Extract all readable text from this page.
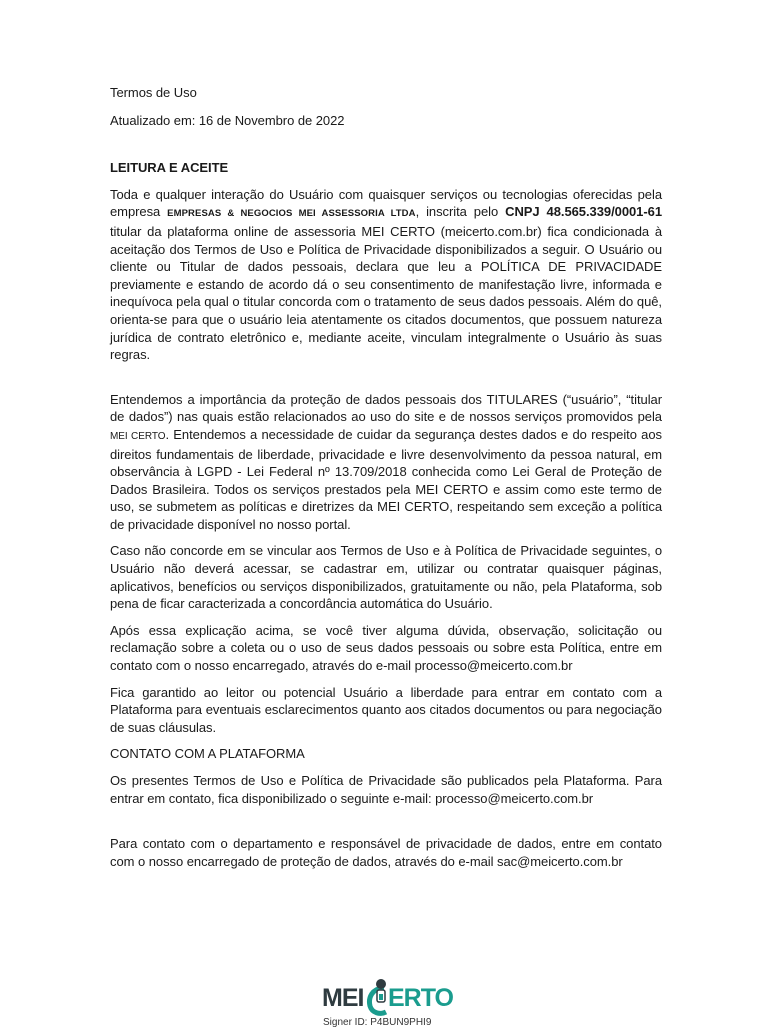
Termos de Uso

Atualizado em: 16 de Novembro de 2022

LEITURA E ACEITE

Toda e qualquer interação do Usuário com quaisquer serviços ou tecnologias oferecidas pela empresa EMPRESAS & NEGOCIOS MEI ASSESSORIA LTDA, inscrita pelo CNPJ 48.565.339/0001-61 titular da plataforma online de assessoria MEI CERTO (meicerto.com.br) fica condicionada à aceitação dos Termos de Uso e Política de Privacidade disponibilizados a seguir. O Usuário ou cliente ou Titular de dados pessoais, declara que leu a POLÍTICA DE PRIVACIDADE previamente e estando de acordo dá o seu consentimento de manifestação livre, informada e inequívoca pela qual o titular concorda com o tratamento de seus dados pessoais. Além do quê, orienta-se para que o usuário leia atentamente os citados documentos, que possuem natureza jurídica de contrato eletrônico e, mediante aceite, vinculam integralmente o Usuário às suas regras.

Entendemos a importância da proteção de dados pessoais dos TITULARES (“usuário”, “titular de dados”) nas quais estão relacionados ao uso do site e de nossos serviços promovidos pela MEI CERTO. Entendemos a necessidade de cuidar da segurança destes dados e do respeito aos direitos fundamentais de liberdade, privacidade e livre desenvolvimento da pessoa natural, em observância à LGPD - Lei Federal nº 13.709/2018 conhecida como Lei Geral de Proteção de Dados Brasileira. Todos os serviços prestados pela MEI CERTO e assim como este termo de uso, se submetem as políticas e diretrizes da MEI CERTO, respeitando sem exceção a política de privacidade disponível no nosso portal.

Caso não concorde em se vincular aos Termos de Uso e à Política de Privacidade seguintes, o Usuário não deverá acessar, se cadastrar em, utilizar ou contratar quaisquer páginas, aplicativos, benefícios ou serviços disponibilizados, gratuitamente ou não, pela Plataforma, sob pena de ficar caracterizada a concordância automática do Usuário.

Após essa explicação acima, se você tiver alguma dúvida, observação, solicitação ou reclamação sobre a coleta ou o uso de seus dados pessoais ou sobre esta Política, entre em contato com o nosso encarregado, através do e-mail processo@meicerto.com.br

Fica garantido ao leitor ou potencial Usuário a liberdade para entrar em contato com a Plataforma para eventuais esclarecimentos quanto aos citados documentos ou para negociação de suas cláusulas.

CONTATO COM A PLATAFORMA

Os presentes Termos de Uso e Política de Privacidade são publicados pela Plataforma. Para entrar em contato, fica disponibilizado o seguinte e-mail: processo@meicerto.com.br

Para contato com o departamento e responsável de privacidade de dados, entre em contato com o nosso encarregado de proteção de dados, através do e-mail sac@meicerto.com.br

MEI ERTO
Signer ID: P4BUN9PHI9
